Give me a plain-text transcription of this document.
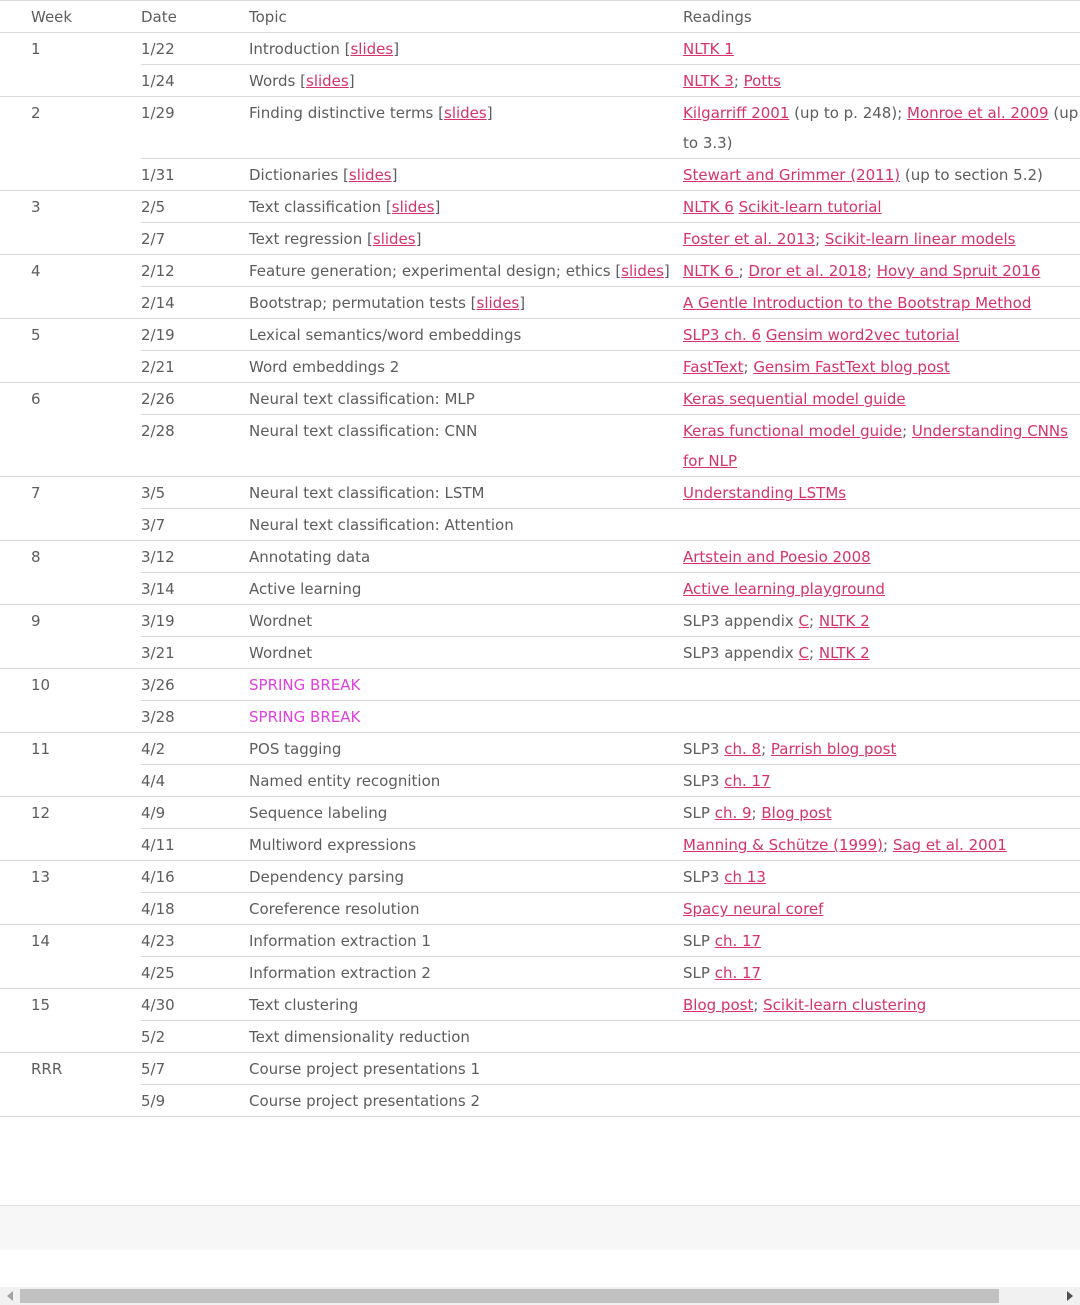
Week	Date	Topic	Readings
1	1/22	Introduction [slides]	NLTK 1
	1/24	Words [slides]	NLTK 3; Potts
2	1/29	Finding distinctive terms [slides]	Kilgarriff 2001 (up to p. 248); Monroe et al. 2009 (up to 3.3)
	1/31	Dictionaries [slides]	Stewart and Grimmer (2011) (up to section 5.2)
3	2/5	Text classification [slides]	NLTK 6 Scikit-learn tutorial
	2/7	Text regression [slides]	Foster et al. 2013; Scikit-learn linear models
4	2/12	Feature generation; experimental design; ethics [slides]	NLTK 6 ; Dror et al. 2018; Hovy and Spruit 2016
	2/14	Bootstrap; permutation tests [slides]	A Gentle Introduction to the Bootstrap Method
5	2/19	Lexical semantics/word embeddings	SLP3 ch. 6 Gensim word2vec tutorial
	2/21	Word embeddings 2	FastText; Gensim FastText blog post
6	2/26	Neural text classification: MLP	Keras sequential model guide
	2/28	Neural text classification: CNN	Keras functional model guide; Understanding CNNs for NLP
7	3/5	Neural text classification: LSTM	Understanding LSTMs
	3/7	Neural text classification: Attention	
8	3/12	Annotating data	Artstein and Poesio 2008
	3/14	Active learning	Active learning playground
9	3/19	Wordnet	SLP3 appendix C; NLTK 2
	3/21	Wordnet	SLP3 appendix C; NLTK 2
10	3/26	SPRING BREAK	
	3/28	SPRING BREAK	
11	4/2	POS tagging	SLP3 ch. 8; Parrish blog post
	4/4	Named entity recognition	SLP3 ch. 17
12	4/9	Sequence labeling	SLP ch. 9; Blog post
	4/11	Multiword expressions	Manning & Schütze (1999); Sag et al. 2001
13	4/16	Dependency parsing	SLP3 ch 13
	4/18	Coreference resolution	Spacy neural coref
14	4/23	Information extraction 1	SLP ch. 17
	4/25	Information extraction 2	SLP ch. 17
15	4/30	Text clustering	Blog post; Scikit-learn clustering
	5/2	Text dimensionality reduction	
RRR	5/7	Course project presentations 1	
	5/9	Course project presentations 2	
